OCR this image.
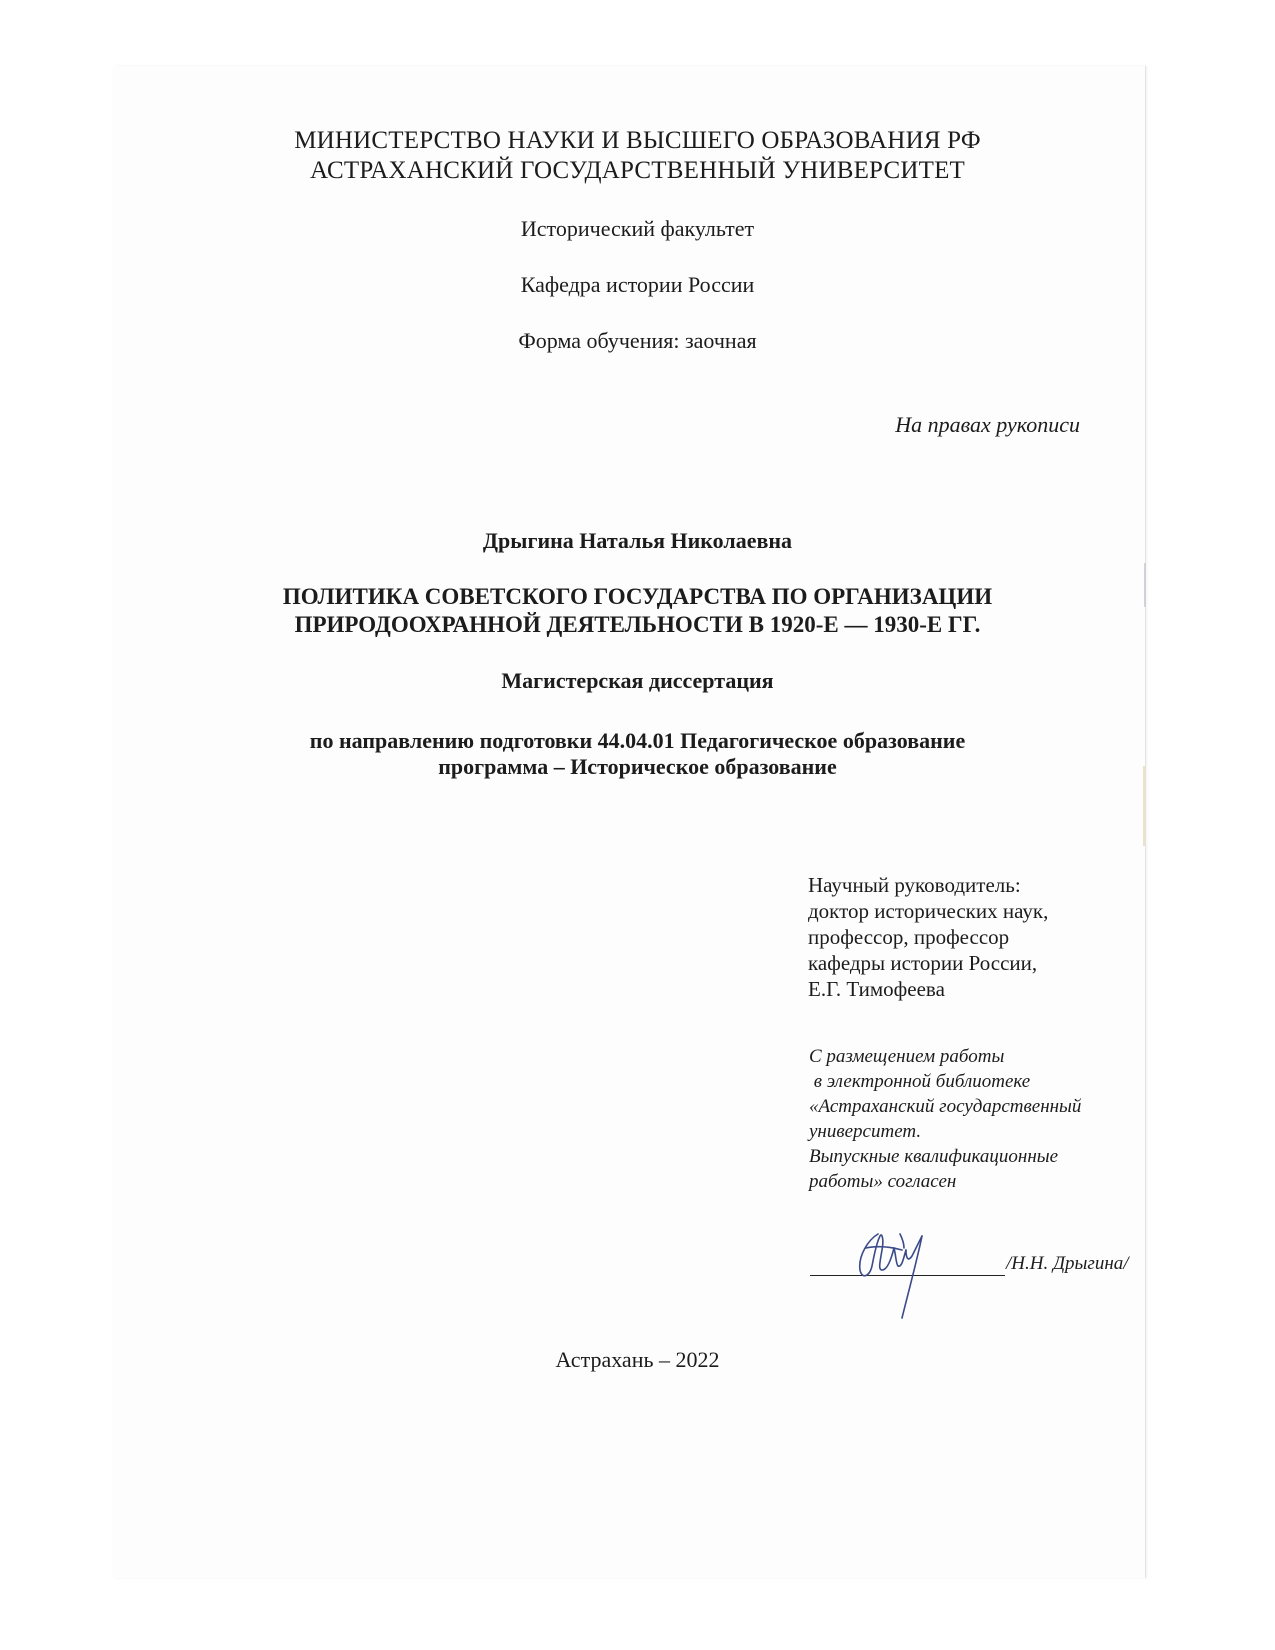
МИНИСТЕРСТВО НАУКИ И ВЫСШЕГО ОБРАЗОВАНИЯ РФ
АСТРАХАНСКИЙ ГОСУДАРСТВЕННЫЙ УНИВЕРСИТЕТ
Исторический факультет
Кафедра истории России
Форма обучения: заочная
На правах рукописи
Дрыгина Наталья Николаевна
ПОЛИТИКА СОВЕТСКОГО ГОСУДАРСТВА ПО ОРГАНИЗАЦИИ
ПРИРОДООХРАННОЙ ДЕЯТЕЛЬНОСТИ В 1920-Е — 1930-Е ГГ.
Магистерская диссертация
по направлению подготовки 44.04.01 Педагогическое образование
программа – Историческое образование
Научный руководитель:
доктор исторических наук,
профессор, профессор
кафедры истории России,
Е.Г. Тимофеева
С размещением работы
в электронной библиотеке
«Астраханский государственный
университет.
Выпускные квалификационные
работы» согласен
/Н.Н. Дрыгина/
Астрахань – 2022
